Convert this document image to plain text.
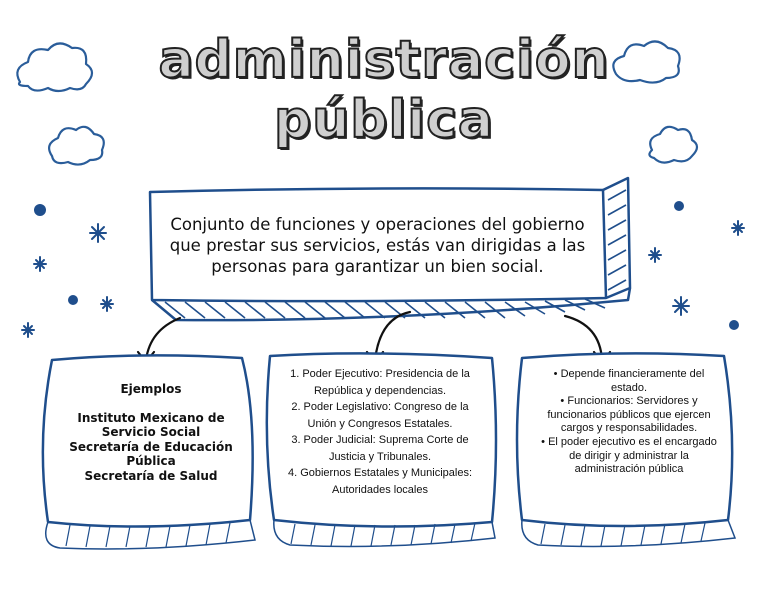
administración
pública
Conjunto de funciones y operaciones del gobierno que prestar sus servicios, estás van dirigidas a las personas para garantizar un bien social.
Ejemplos
Instituto Mexicano de Servicio Social
Secretaría de Educación Pública
Secretaría de Salud
1. Poder Ejecutivo: Presidencia de la República y dependencias.
2. Poder Legislativo: Congreso de la Unión y Congresos Estatales.
3. Poder Judicial: Suprema Corte de Justicia y Tribunales.
4. Gobiernos Estatales y Municipales: Autoridades locales
• Depende financieramente del estado.
• Funcionarios: Servidores y funcionarios públicos que ejercen cargos y responsabilidades.
• El poder ejecutivo es el encargado de dirigir y administrar la administración pública
